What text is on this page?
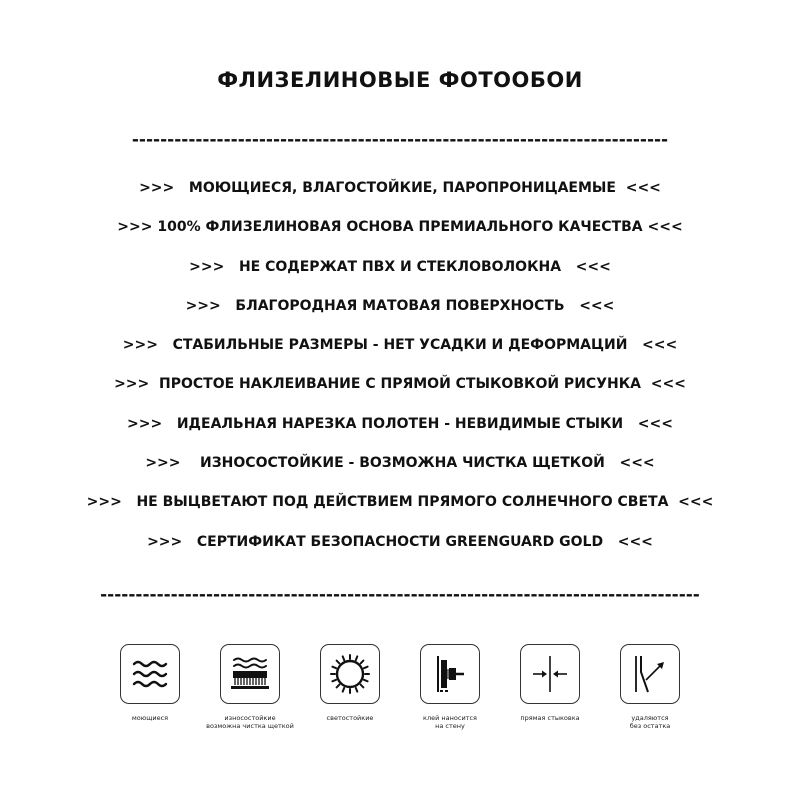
ФЛИЗЕЛИНОВЫЕ ФОТООБОИ
----------------------------------------------------------------------------
>>>   МОЮЩИЕСЯ, ВЛАГОСТОЙКИЕ, ПАРОПРОНИЦАЕМЫЕ  <<<
>>> 100% ФЛИЗЕЛИНОВАЯ ОСНОВА ПРЕМИАЛЬНОГО КАЧЕСТВА <<<
>>>   НЕ СОДЕРЖАТ ПВХ И СТЕКЛОВОЛОКНА   <<<
>>>   БЛАГОРОДНАЯ МАТОВАЯ ПОВЕРХНОСТЬ   <<<
>>>   СТАБИЛЬНЫЕ РАЗМЕРЫ - НЕТ УСАДКИ И ДЕФОРМАЦИЙ   <<<
>>>  ПРОСТОЕ НАКЛЕИВАНИЕ С ПРЯМОЙ СТЫКОВКОЙ РИСУНКА  <<<
>>>   ИДЕАЛЬНАЯ НАРЕЗКА ПОЛОТЕН - НЕВИДИМЫЕ СТЫКИ   <<<
>>>    ИЗНОСОСТОЙКИЕ - ВОЗМОЖНА ЧИСТКА ЩЕТКОЙ   <<<
>>>   НЕ ВЫЦВЕТАЮТ ПОД ДЕЙСТВИЕМ ПРЯМОГО СОЛНЕЧНОГО СВЕТА  <<<
>>>   СЕРТИФИКАТ БЕЗОПАСНОСТИ GREENGUARD GOLD   <<<
-------------------------------------------------------------------------------------
моющиеся	износостойкие
возможна чистка щеткой
светостойкие	клей наносится
на стену
прямая стыковка	удаляются
без остатка
